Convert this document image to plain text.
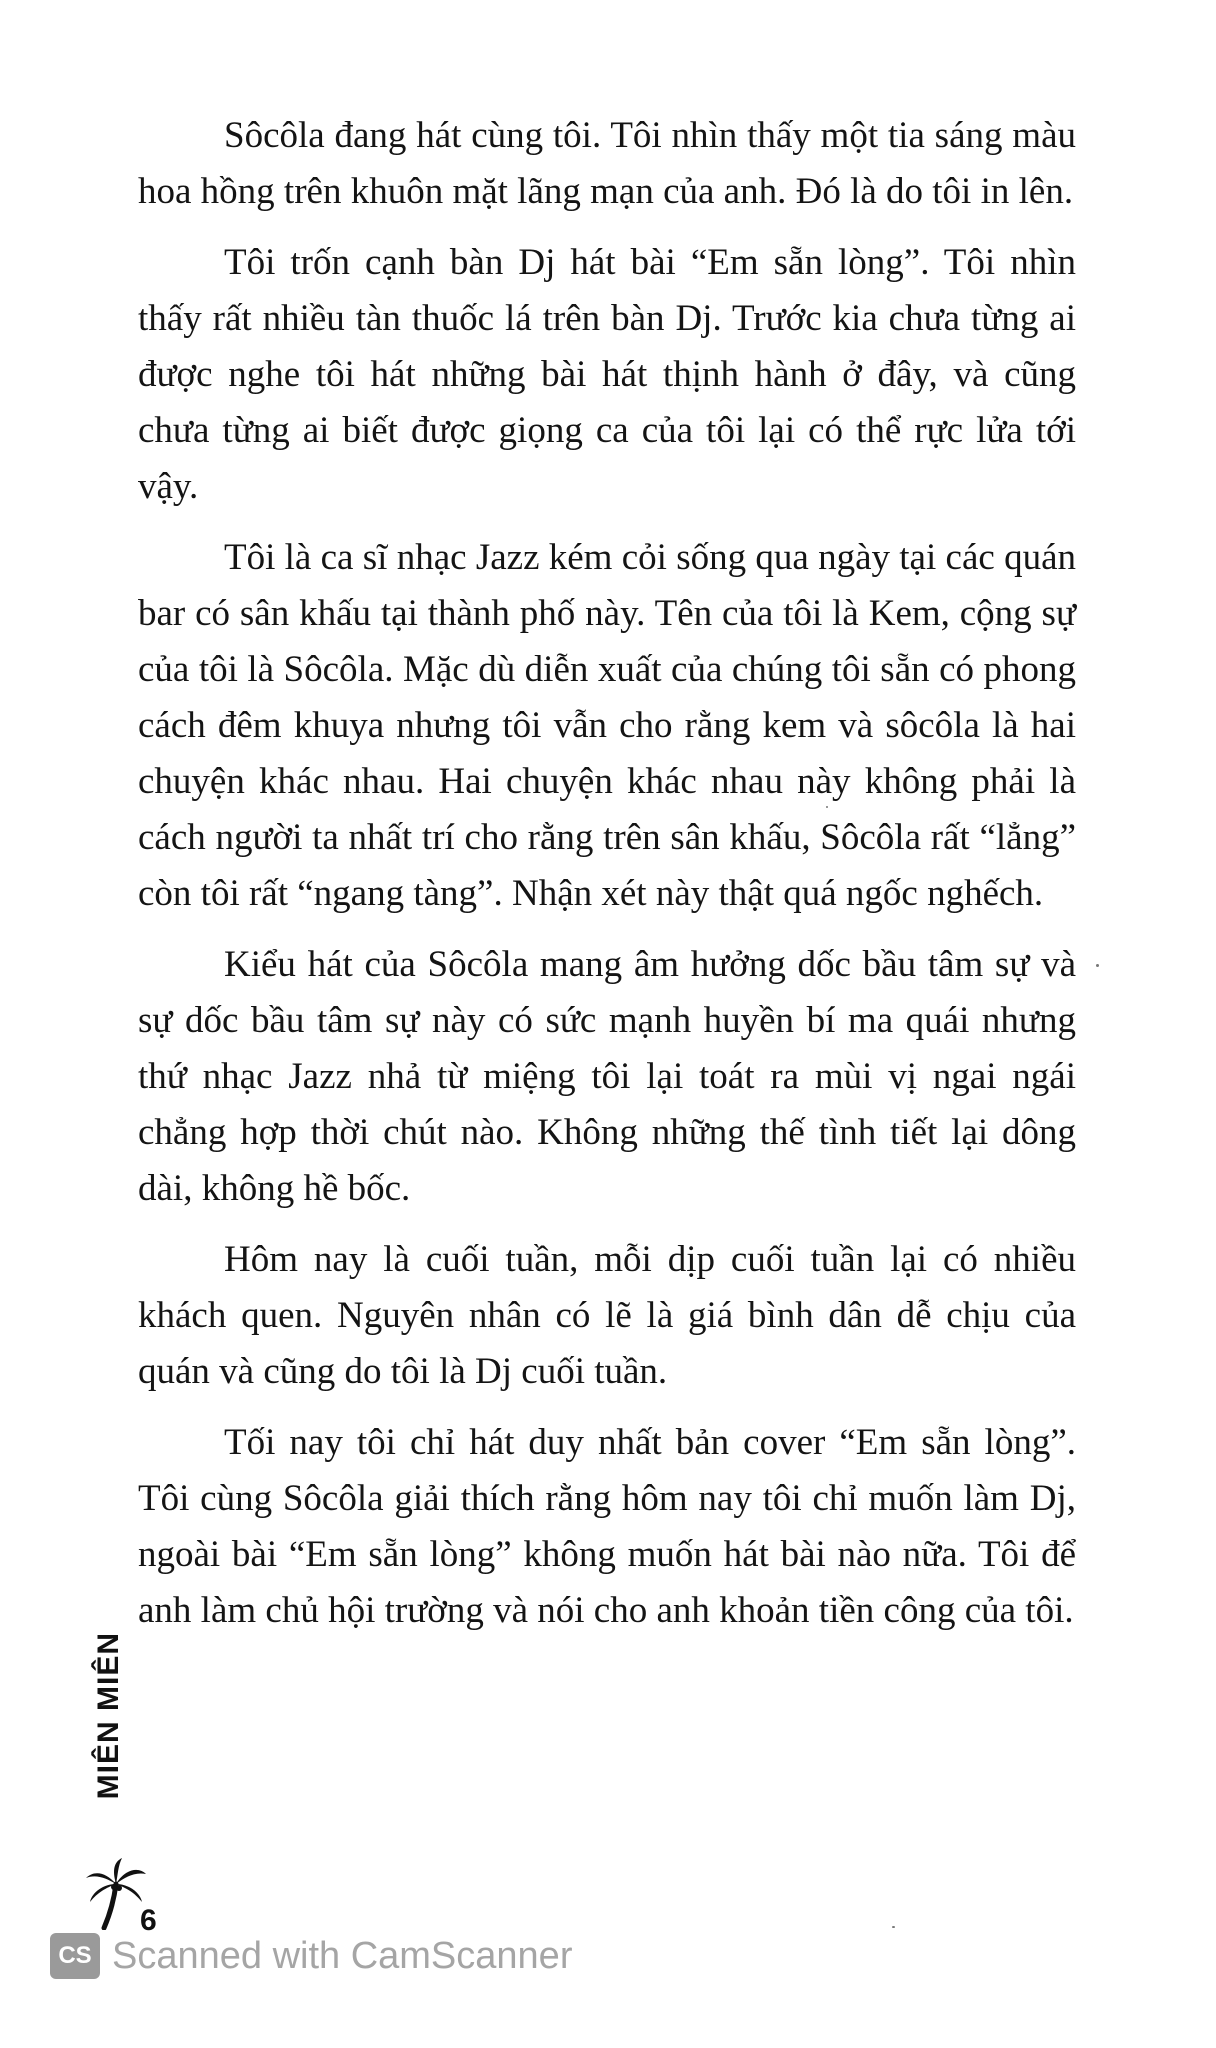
Sôcôla đang hát cùng tôi. Tôi nhìn thấy một tia sáng màu hoa hồng trên khuôn mặt lãng mạn của anh. Đó là do tôi in lên.

Tôi trốn cạnh bàn Dj hát bài “Em sẵn lòng”. Tôi nhìn thấy rất nhiều tàn thuốc lá trên bàn Dj. Trước kia chưa từng ai được nghe tôi hát những bài hát thịnh hành ở đây, và cũng chưa từng ai biết được giọng ca của tôi lại có thể rực lửa tới vậy.

Tôi là ca sĩ nhạc Jazz kém cỏi sống qua ngày tại các quán bar có sân khấu tại thành phố này. Tên của tôi là Kem, cộng sự của tôi là Sôcôla. Mặc dù diễn xuất của chúng tôi sẵn có phong cách đêm khuya nhưng tôi vẫn cho rằng kem và sôcôla là hai chuyện khác nhau. Hai chuyện khác nhau này không phải là cách người ta nhất trí cho rằng trên sân khấu, Sôcôla rất “lẳng” còn tôi rất “ngang tàng”. Nhận xét này thật quá ngốc nghếch.

Kiểu hát của Sôcôla mang âm hưởng dốc bầu tâm sự và sự dốc bầu tâm sự này có sức mạnh huyền bí ma quái nhưng thứ nhạc Jazz nhả từ miệng tôi lại toát ra mùi vị ngai ngái chẳng hợp thời chút nào. Không những thế tình tiết lại dông dài, không hề bốc.

Hôm nay là cuối tuần, mỗi dịp cuối tuần lại có nhiều khách quen. Nguyên nhân có lẽ là giá bình dân dễ chịu của quán và cũng do tôi là Dj cuối tuần.

Tối nay tôi chỉ hát duy nhất bản cover “Em sẵn lòng”. Tôi cùng Sôcôla giải thích rằng hôm nay tôi chỉ muốn làm Dj, ngoài bài “Em sẵn lòng” không muốn hát bài nào nữa. Tôi để anh làm chủ hội trường và nói cho anh khoản tiền công của tôi.

MIÊN MIÊN
6
CS Scanned with CamScanner
